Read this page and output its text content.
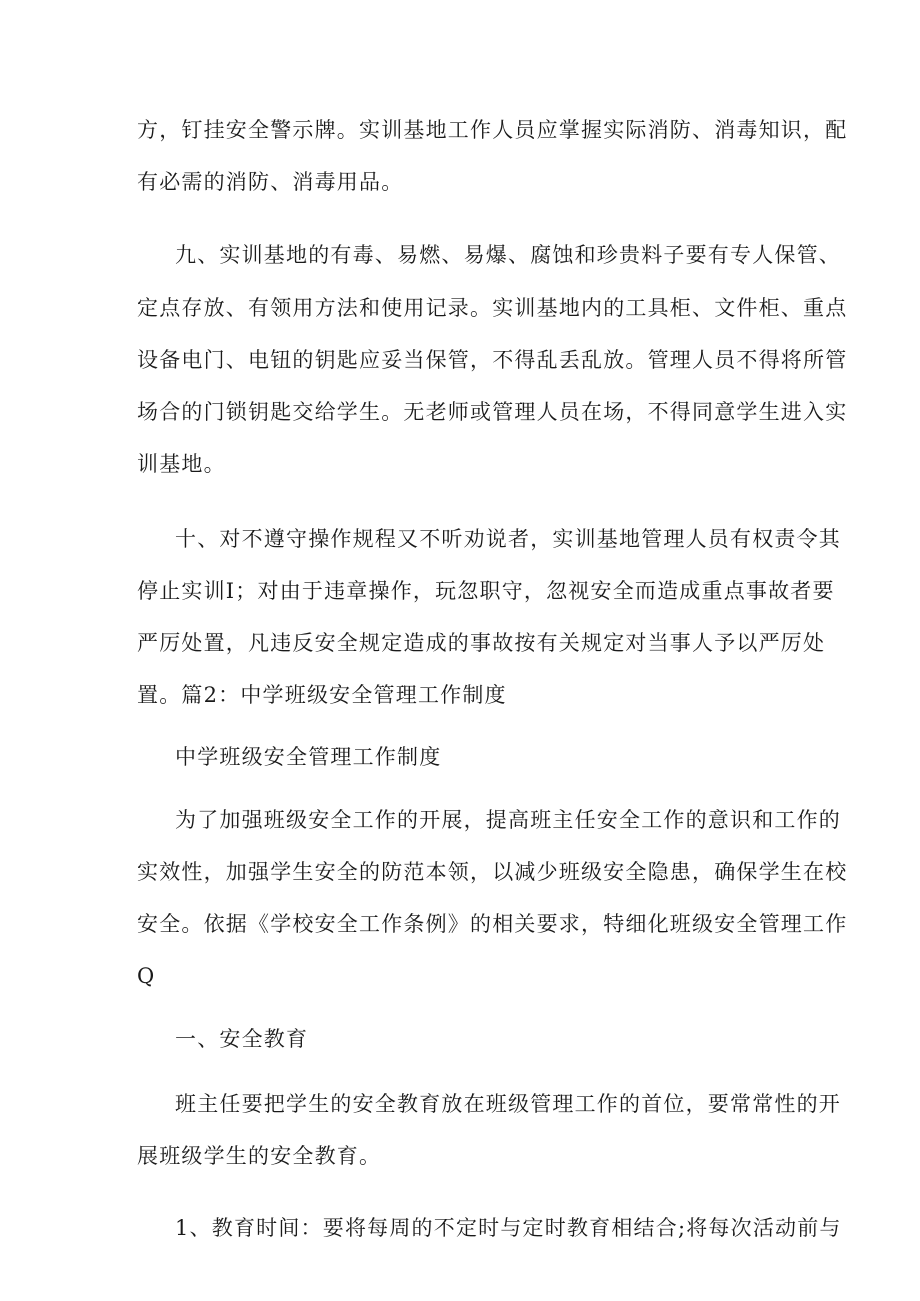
方，钉挂安全警示牌。实训基地工作人员应掌握实际消防、消毒知识，配
有必需的消防、消毒用品。
九、实训基地的有毒、易燃、易爆、腐蚀和珍贵料子要有专人保管、
定点存放、有领用方法和使用记录。实训基地内的工具柜、文件柜、重点
设备电门、电钮的钥匙应妥当保管，不得乱丢乱放。管理人员不得将所管
场合的门锁钥匙交给学生。无老师或管理人员在场，不得同意学生进入实
训基地。
十、对不遵守操作规程又不听劝说者，实训基地管理人员有权责令其
停止实训I；对由于违章操作，玩忽职守，忽视安全而造成重点事故者要
严厉处置，凡违反安全规定造成的事故按有关规定对当事人予以严厉处
置。篇2：中学班级安全管理工作制度
中学班级安全管理工作制度
为了加强班级安全工作的开展，提高班主任安全工作的意识和工作的
实效性，加强学生安全的防范本领，以减少班级安全隐患，确保学生在校
安全。依据《学校安全工作条例》的相关要求，特细化班级安全管理工作
Q
一、安全教育
班主任要把学生的安全教育放在班级管理工作的首位，要常常性的开
展班级学生的安全教育。
1、教育时间：要将每周的不定时与定时教育相结合;将每次活动前与
